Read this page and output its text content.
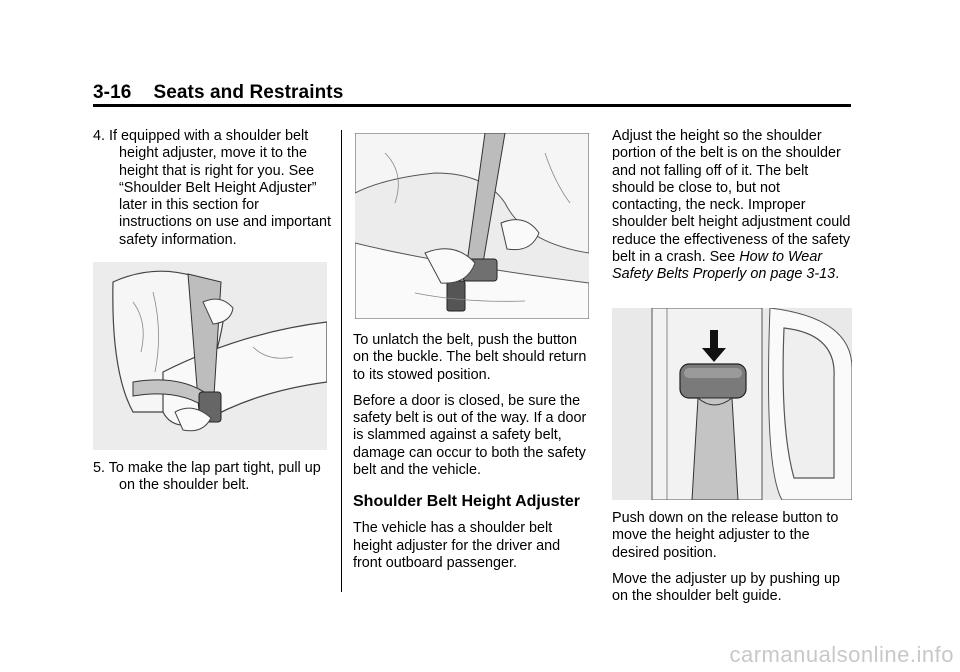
3-16 Seats and Restraints

4. If equipped with a shoulder belt height adjuster, move it to the height that is right for you. See “Shoulder Belt Height Adjuster” later in this section for instructions on use and important safety information.

5. To make the lap part tight, pull up on the shoulder belt.

To unlatch the belt, push the button on the buckle. The belt should return to its stowed position.

Before a door is closed, be sure the safety belt is out of the way. If a door is slammed against a safety belt, damage can occur to both the safety belt and the vehicle.

Shoulder Belt Height Adjuster

The vehicle has a shoulder belt height adjuster for the driver and front outboard passenger.

Adjust the height so the shoulder portion of the belt is on the shoulder and not falling off of it. The belt should be close to, but not contacting, the neck. Improper shoulder belt height adjustment could reduce the effectiveness of the safety belt in a crash. See How to Wear Safety Belts Properly on page 3-13.

Push down on the release button to move the height adjuster to the desired position.

Move the adjuster up by pushing up on the shoulder belt guide.

carmanualsonline.info
